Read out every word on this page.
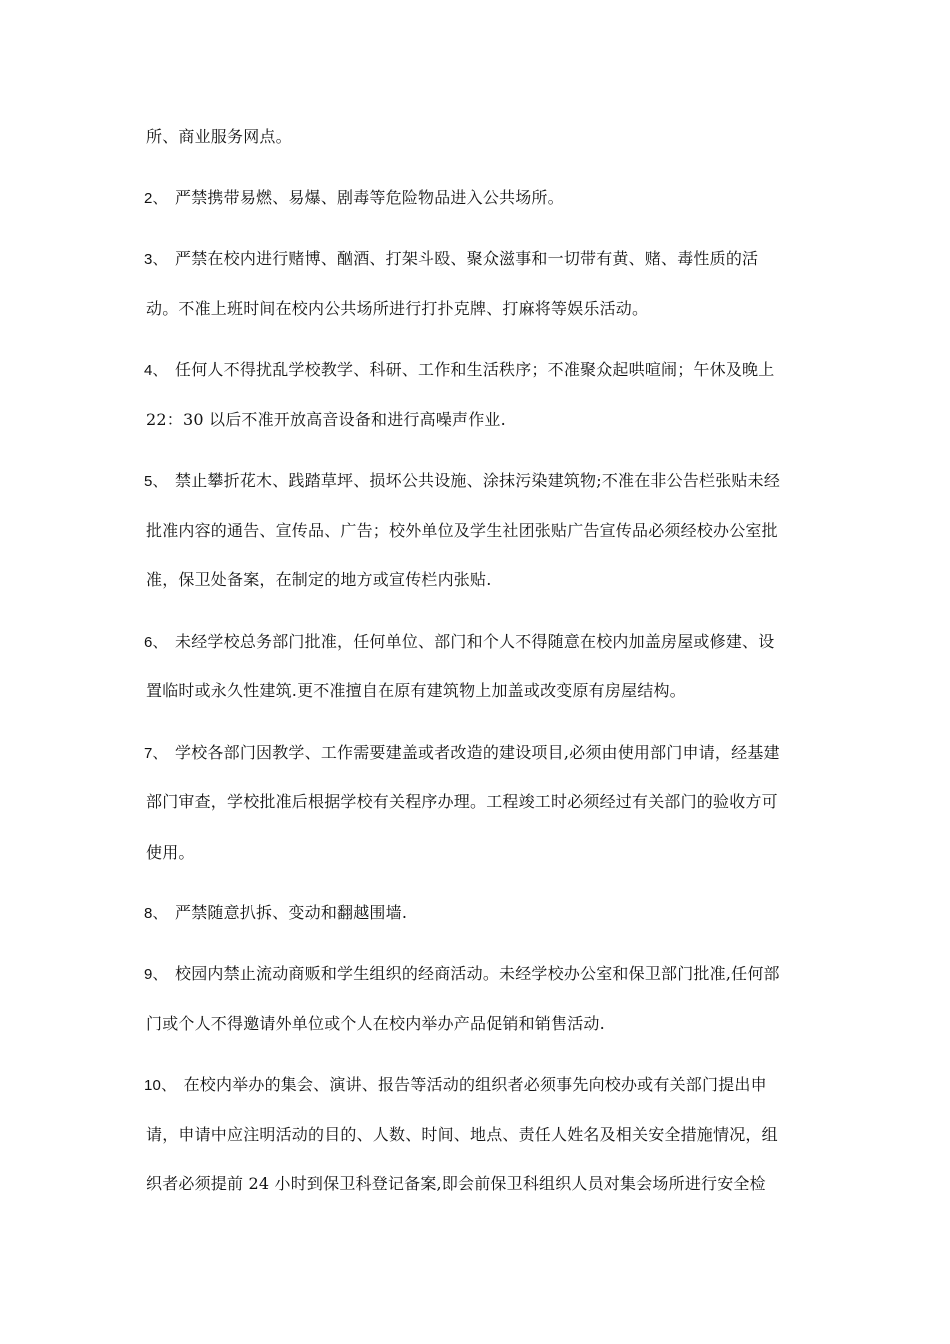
所、商业服务网点。
2、 严禁携带易燃、易爆、剧毒等危险物品进入公共场所。
3、 严禁在校内进行赌博、酗酒、打架斗殴、聚众滋事和一切带有黄、赌、毒性质的活
动。不准上班时间在校内公共场所进行打扑克牌、打麻将等娱乐活动。
4、 任何人不得扰乱学校教学、科研、工作和生活秩序；不准聚众起哄喧闹；午休及晚上
22：30 以后不准开放高音设备和进行高噪声作业.
5、 禁止攀折花木、践踏草坪、损坏公共设施、涂抹污染建筑物;不准在非公告栏张贴未经
批准内容的通告、宣传品、广告；校外单位及学生社团张贴广告宣传品必须经校办公室批
准，保卫处备案，在制定的地方或宣传栏内张贴.
6、 未经学校总务部门批准，任何单位、部门和个人不得随意在校内加盖房屋或修建、设
置临时或永久性建筑.更不准擅自在原有建筑物上加盖或改变原有房屋结构。
7、 学校各部门因教学、工作需要建盖或者改造的建设项目,必须由使用部门申请，经基建
部门审查，学校批准后根据学校有关程序办理。工程竣工时必须经过有关部门的验收方可
使用。
8、 严禁随意扒拆、变动和翻越围墙.
9、 校园内禁止流动商贩和学生组织的经商活动。未经学校办公室和保卫部门批准,任何部
门或个人不得邀请外单位或个人在校内举办产品促销和销售活动.
10、 在校内举办的集会、演讲、报告等活动的组织者必须事先向校办或有关部门提出申
请，申请中应注明活动的目的、人数、时间、地点、责任人姓名及相关安全措施情况，组
织者必须提前 24 小时到保卫科登记备案,即会前保卫科组织人员对集会场所进行安全检
